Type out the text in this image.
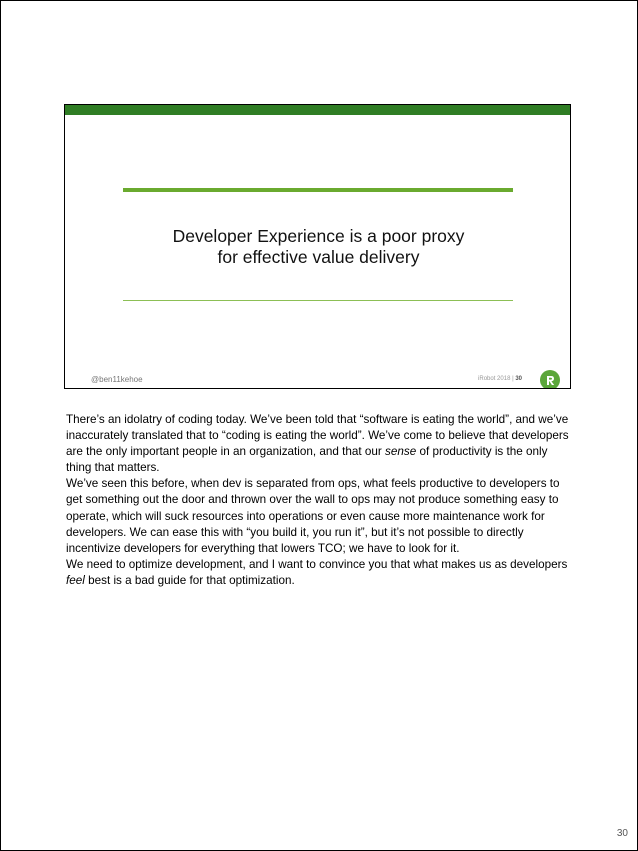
Developer Experience is a poor proxy
for effective value delivery
@ben11kehoe	iRobot 2018 | 30

There’s an idolatry of coding today. We’ve been told that “software is eating the world”, and we’ve inaccurately translated that to “coding is eating the world”. We’ve come to believe that developers are the only important people in an organization, and that our sense of productivity is the only thing that matters.

We’ve seen this before, when dev is separated from ops, what feels productive to developers to get something out the door and thrown over the wall to ops may not produce something easy to operate, which will suck resources into operations or even cause more maintenance work for developers. We can ease this with “you build it, you run it”, but it’s not possible to directly incentivize developers for everything that lowers TCO; we have to look for it.

We need to optimize development, and I want to convince you that what makes us as developers feel best is a bad guide for that optimization.

30
